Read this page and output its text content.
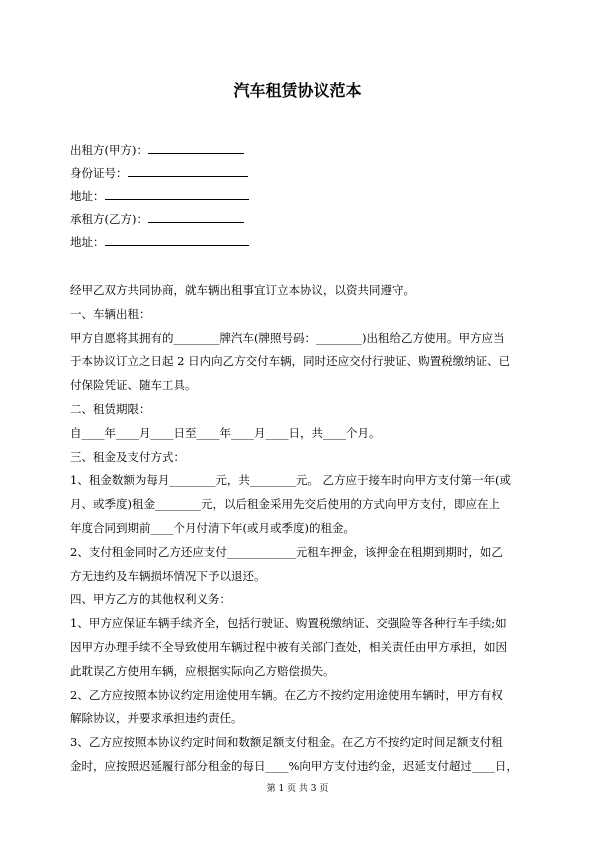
汽车租赁协议范本
出租方(甲方)：
身份证号：
地址：
承租方(乙方)：
地址：

经甲乙双方共同协商，就车辆出租事宜订立本协议，以资共同遵守。

一、车辆出租：

甲方自愿将其拥有的________牌汽车(牌照号码：________)出租给乙方使用。甲方应当

于本协议订立之日起 2 日内向乙方交付车辆，同时还应交付行驶证、购置税缴纳证、已

付保险凭证、随车工具。

二、租赁期限：

自____年____月____日至____年____月____日，共____个月。

三、租金及支付方式：

1、租金数额为每月________元，共________元。 乙方应于接车时向甲方支付第一年(或

月、或季度)租金________元，以后租金采用先交后使用的方式向甲方支付，即应在上

年度合同到期前____个月付清下年(或月或季度)的租金。

2、支付租金同时乙方还应支付____________元租车押金，该押金在租期到期时，如乙

方无违约及车辆损坏情况下予以退还。

四、甲方乙方的其他权利义务：

1、甲方应保证车辆手续齐全，包括行驶证、购置税缴纳证、交强险等各种行车手续;如

因甲方办理手续不全导致使用车辆过程中被有关部门查处，相关责任由甲方承担，如因

此耽误乙方使用车辆，应根据实际向乙方赔偿损失。

2、乙方应按照本协议约定用途使用车辆。在乙方不按约定用途使用车辆时，甲方有权

解除协议，并要求承担违约责任。

3、乙方应按照本协议约定时间和数额足额支付租金。在乙方不按约定时间足额支付租

金时，应按照迟延履行部分租金的每日____%向甲方支付违约金，迟延支付超过____日，

第 1 页 共 3 页
